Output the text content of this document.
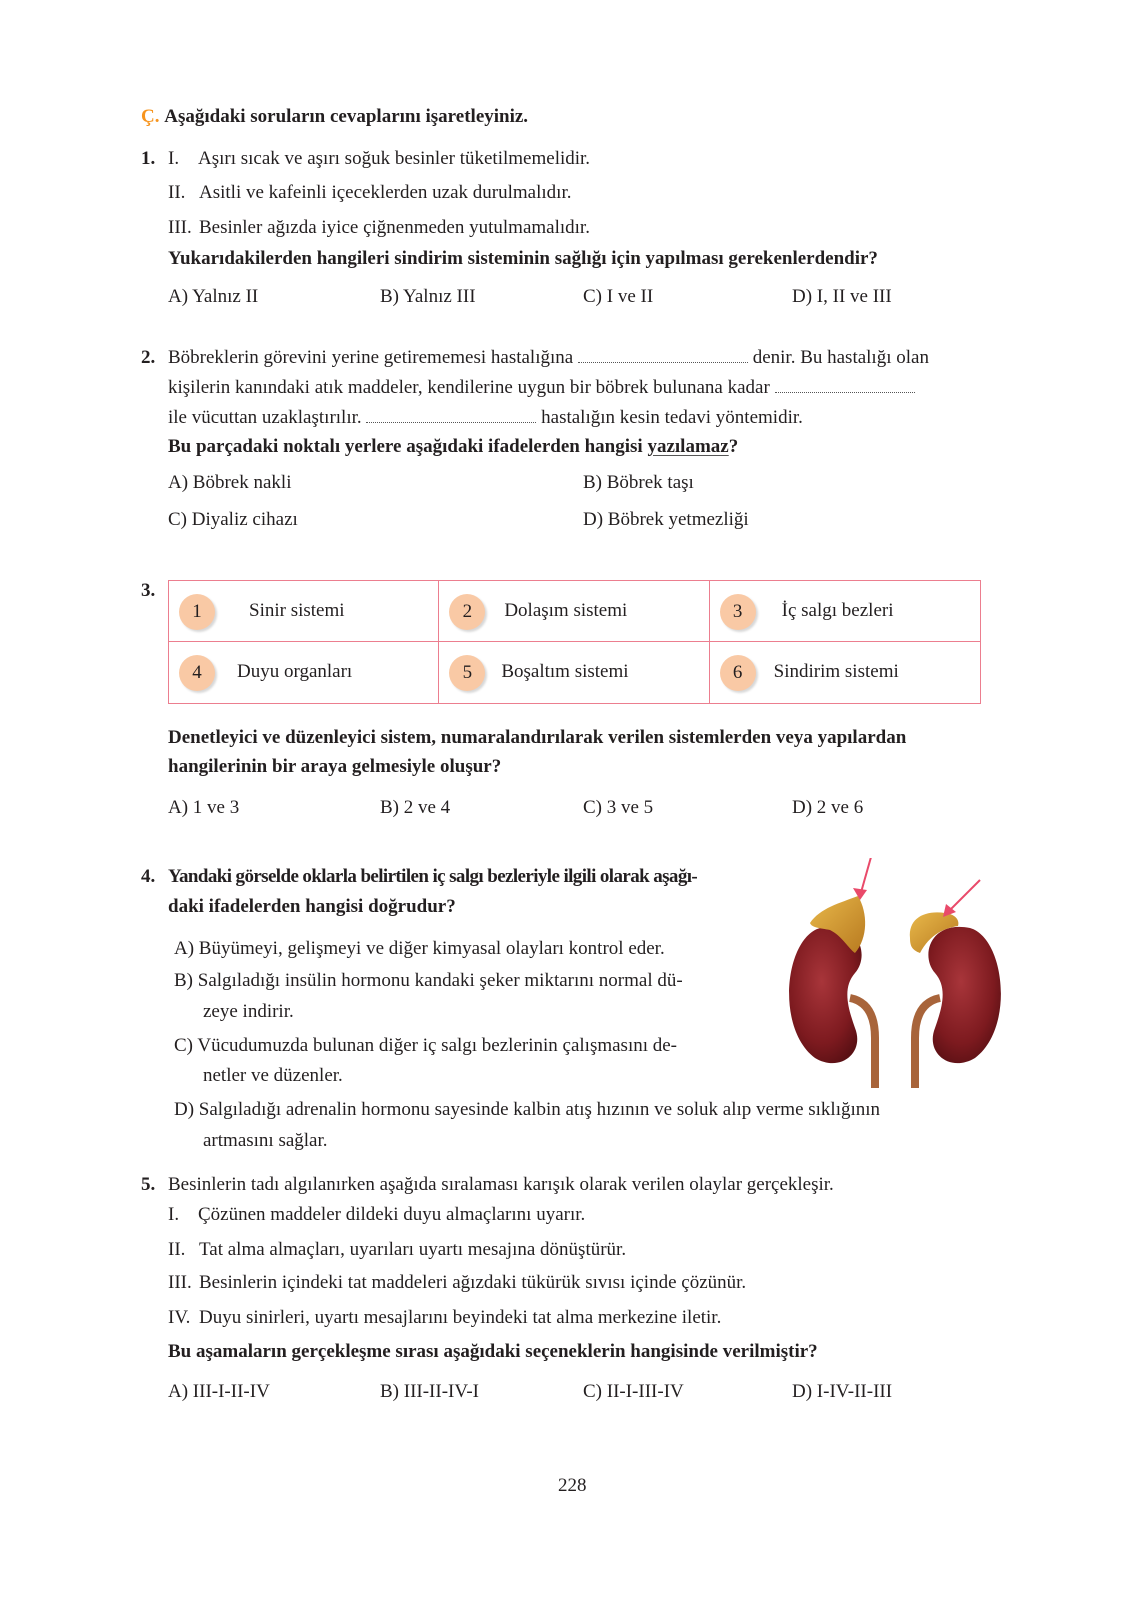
Ç. Aşağıdaki soruların cevaplarını işaretleyiniz.
1. I. Aşırı sıcak ve aşırı soğuk besinler tüketilmemelidir.
II. Asitli ve kafeinli içeceklerden uzak durulmalıdır.
III. Besinler ağızda iyice çiğnenmeden yutulmamalıdır.
Yukarıdakilerden hangileri sindirim sisteminin sağlığı için yapılması gerekenlerdendir?
A) Yalnız II	B) Yalnız III	C) I ve II	D) I, II ve III
2. Böbreklerin görevini yerine getirememesi hastalığına	denir. Bu hastalığı olan
kişilerin kanındaki atık maddeler, kendilerine uygun bir böbrek bulunana kadar
ile vücuttan uzaklaştırılır.	hastalığın kesin tedavi yöntemidir.
Bu parçadaki noktalı yerlere aşağıdaki ifadelerden hangisi yazılamaz?
A) Böbrek nakli	B) Böbrek taşı
C) Diyaliz cihazı	D) Böbrek yetmezliği
3.
1	Sinir sistemi	2	Dolaşım sistemi	3	İç salgı bezleri
4	Duyu organları	5	Boşaltım sistemi	6	Sindirim sistemi
Denetleyici ve düzenleyici sistem, numaralandırılarak verilen sistemlerden veya yapılardan
hangilerinin bir araya gelmesiyle oluşur?
A) 1 ve 3	B) 2 ve 4	C) 3 ve 5	D) 2 ve 6
4. Yandaki görselde oklarla belirtilen iç salgı bezleriyle ilgili olarak aşağı-
daki ifadelerden hangisi doğrudur?
A) Büyümeyi, gelişmeyi ve diğer kimyasal olayları kontrol eder.
B) Salgıladığı insülin hormonu kandaki şeker miktarını normal dü-
zeye indirir.
C) Vücudumuzda bulunan diğer iç salgı bezlerinin çalışmasını de-
netler ve düzenler.
D) Salgıladığı adrenalin hormonu sayesinde kalbin atış hızının ve soluk alıp verme sıklığının
artmasını sağlar.
5. Besinlerin tadı algılanırken aşağıda sıralaması karışık olarak verilen olaylar gerçekleşir.
I. Çözünen maddeler dildeki duyu almaçlarını uyarır.
II. Tat alma almaçları, uyarıları uyartı mesajına dönüştürür.
III. Besinlerin içindeki tat maddeleri ağızdaki tükürük sıvısı içinde çözünür.
IV. Duyu sinirleri, uyartı mesajlarını beyindeki tat alma merkezine iletir.
Bu aşamaların gerçekleşme sırası aşağıdaki seçeneklerin hangisinde verilmiştir?
A) III-I-II-IV	B) III-II-IV-I	C) II-I-III-IV	D) I-IV-II-III
228
